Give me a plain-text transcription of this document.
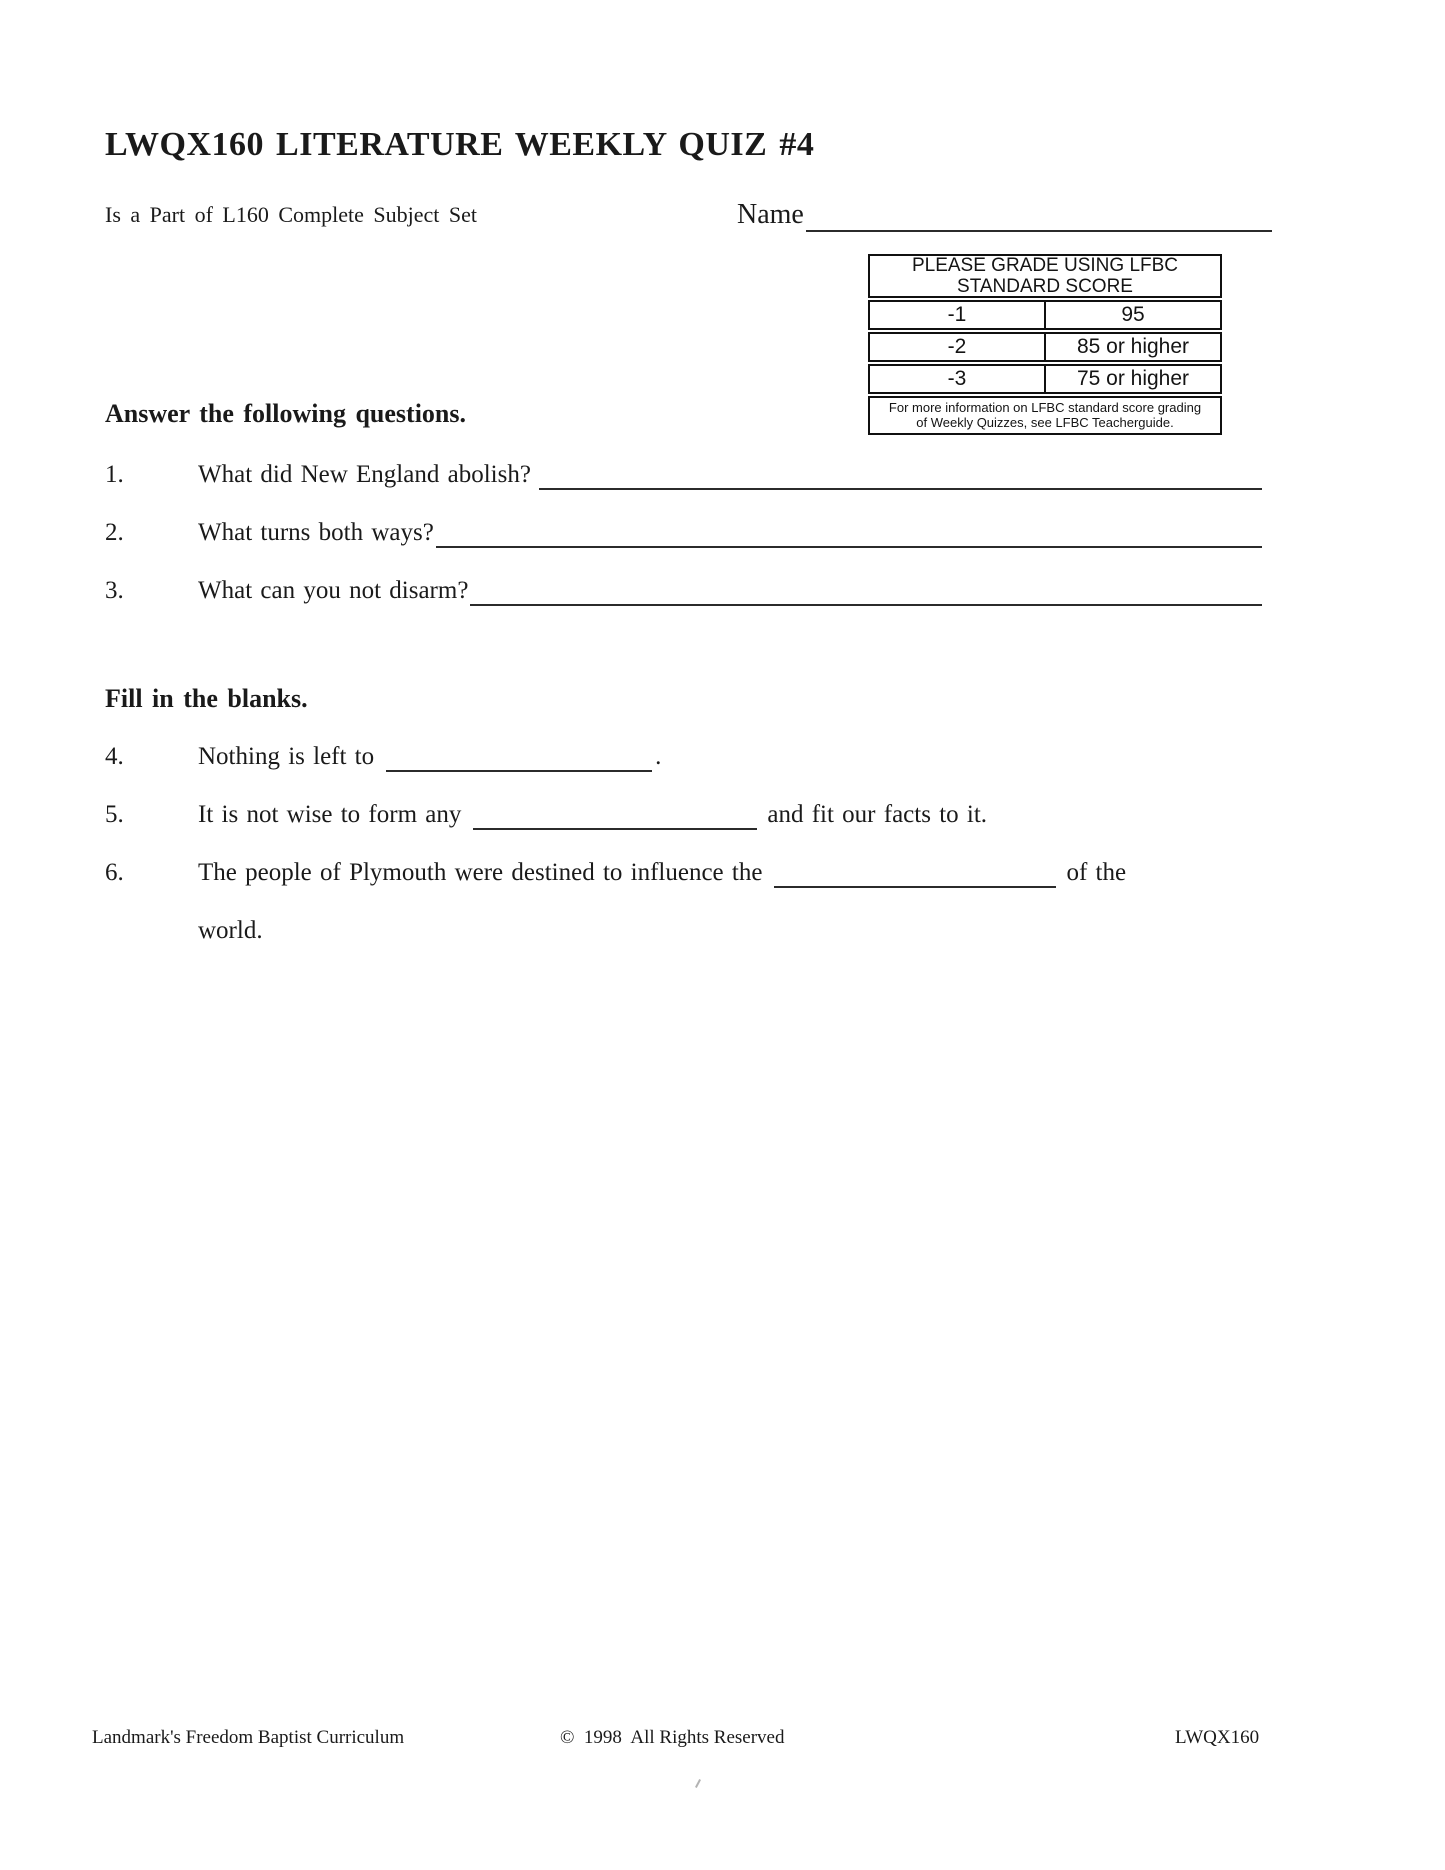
LWQX160 LITERATURE WEEKLY QUIZ #4
Is a Part of L160 Complete Subject Set	Name
PLEASE GRADE USING LFBC
STANDARD SCORE
-1	95
-2	85 or higher
-3	75 or higher
For more information on LFBC standard score grading
of Weekly Quizzes, see LFBC Teacherguide.
Answer the following questions.
1.	What did New England abolish?
2.	What turns both ways?
3.	What can you not disarm?
Fill in the blanks.
4.	Nothing is left to	.
5.	It is not wise to form any	and fit our facts to it.
6.	The people of Plymouth were destined to influence the	of the
world.
Landmark's Freedom Baptist Curriculum	©  1998  All Rights Reserved	LWQX160
